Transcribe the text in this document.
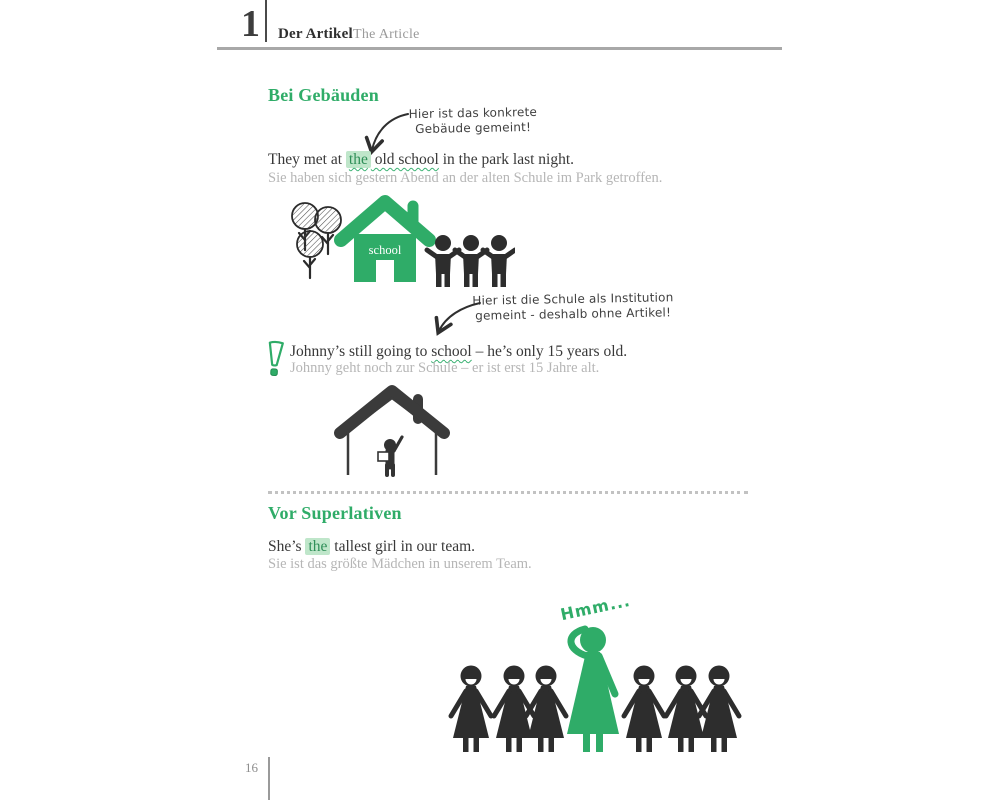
1 Der Artikel The Article
Bei Gebäuden
Hier ist das konkrete
Gebäude gemeint!
They met at the old school in the park last night.
Sie haben sich gestern Abend an der alten Schule im Park getroffen.
school
Hier ist die Schule als Institution
gemeint - deshalb ohne Artikel!
Johnny’s still going to school – he’s only 15 years old.
Johnny geht noch zur Schule – er ist erst 15 Jahre alt.
Vor Superlativen
She’s the tallest girl in our team.
Sie ist das größte Mädchen in unserem Team.
Hmm...
16
